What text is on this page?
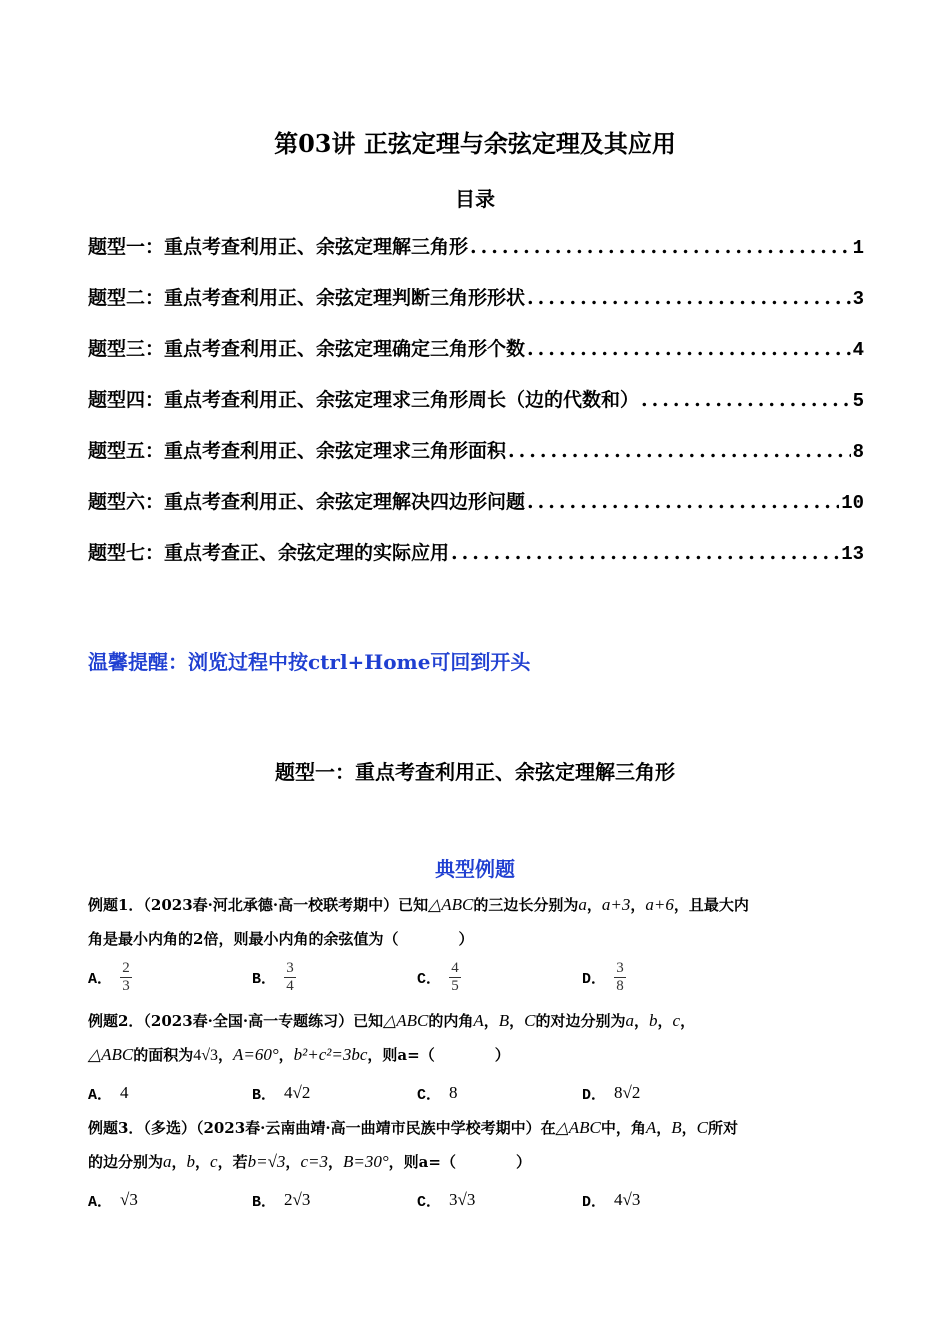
第03讲 正弦定理与余弦定理及其应用
目录
题型一：重点考查利用正、余弦定理解三角形 .....	1
题型二：重点考查利用正、余弦定理判断三角形形状 .....	3
题型三：重点考查利用正、余弦定理确定三角形个数 .....	4
题型四：重点考查利用正、余弦定理求三角形周长（边的代数和） .....	5
题型五：重点考查利用正、余弦定理求三角形面积 .....	8
题型六：重点考查利用正、余弦定理解决四边形问题 .....	10
题型七：重点考查正、余弦定理的实际应用 .....	13
温馨提醒：浏览过程中按ctrl+Home可回到开头
题型一：重点考查利用正、余弦定理解三角形
典型例题
例题1．（2023春·河北承德·高一校联考期中）已知△ABC的三边长分别为a，a+3，a+6，且最大内
角是最小内角的2倍，则最小内角的余弦值为（　　　　）
A． $\frac{2}{3}$	B． $\frac{3}{4}$	C． $\frac{4}{5}$	D． $\frac{3}{8}$
例题2．（2023春·全国·高一专题练习）已知△ABC的内角A，B，C的对边分别为a，b，c，
△ABC的面积为4√3，A=60°，b²+c²=3bc，则a=（　　　　）
A． 4	B． 4√2	C． 8	D． 8√2
例题3．（多选）（2023春·云南曲靖·高一曲靖市民族中学校考期中）在△ABC中，角A，B，C所对
的边分别为a，b，c，若b=√3，c=3，B=30°，则a=（　　　　）
A． √3	B． 2√3	C． 3√3	D． 4√3
